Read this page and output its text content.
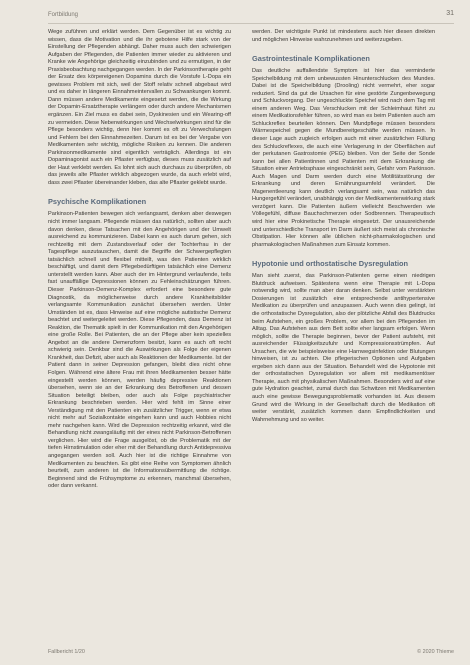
Fortbildung	31

Wege zuführen und erklärt werden. Dem Gegenüber ist es wichtig zu wissen, dass die Motivation und die ihr gebotene Hilfe stark von der Einstellung der Pflegenden abhängt. Daher muss auch den schwierigen Aufgaben der Pflegenden, die Patienten immer wieder zu aktivieren und Kranke wie Angehörige gleichzeitig einzubinden und zu ermutigen, in der Praxisbeobachtung nachgegangen werden. In der Parkinsontherapie geht der Ersatz des körpereigenen Dopamins durch die Vorstufe L-Dopa ein gewisses Problem mit sich, weil der Stoff relativ schnell abgebaut wird und es daher in längeren Einnahmeintervallen zu Schwankungen kommt. Dann müssen andere Medikamente eingesetzt werden, die die Wirkung der Dopamin-Ersatztherapie verlängern oder durch andere Mechanismen ergänzen. Ein Ziel muss es dabei sein, Dyskinesien und ein Wearing-off zu vermeiden. Diese Nebenwirkungen und Wechselwirkungen sind für die Pflege besonders wichtig, denn hier kommt es oft zu Verwechslungen und Fehlern bei den Einnahmezeiten. Darum ist es bei der Vergabe von Medikamenten sehr wichtig, mögliche Risiken zu kennen. Die anderen Parkinsonmedikamente sind eigentlich verträglich. Allerdings ist ein Dopaminagonist auch ein Pflaster verfügbar, dieses muss zusätzlich auf der Haut verklebt werden. Es lohnt sich auch durchaus zu überprüfen, ob das jeweils alte Pflaster wirklich abgezogen wurde, da auch erlebt wird, dass zwei Pflaster übereinander kleben, das alte Pflaster geklebt wurde.

Psychische Komplikationen

Parkinson-Patienten bewegen sich verlangsamt, denken aber deswegen nicht immer langsam. Pflegende müssen das natürlich, sollten aber auch davon denken, diese Tatsachen mit den Angehörigen und der Umwelt ausreichend zu kommunizieren. Dabei kann es auch darum gehen, sich rechtzeitig mit dem Zustandsverlauf oder der Tochterfrau in der Tagespflege auszutauschen, damit die Begriffe der Schwergepflegten tatsächlich schnell und flexibel mitteilt, was den Patienten wirklich beschäftigt, und damit dem Pflegebedürftigen tatsächlich eine Demenz unterstellt werden kann. Aber auch der im Hintergrund verlaufende, teils fast unauffällige Depressionen können zu Fehleinschätzungen führen. Dieser Parkinson-Demenz-Komplex erfordert eine besondere gute Diagnostik, da möglicherweise durch andere Krankheitsbilder verlangsamte Kommunikation zunächst übersehen werden. Unter Umständen ist es, dass Hinweise auf eine mögliche autistische Demenz beachtet und weitergeleitet werden. Diese Pflegenden, dass Demenz ist Reaktion, die Thematik spielt in der Kommunikation mit den Angehörigen eine große Rolle. Bei Patienten, die an der Pflege aber kein spezielles Angebot an die andere Demenzform besitzt, kann es auch oft recht schwierig sein. Denkbar sind die Auswirkungen als Folge der eigenen Krankheit, das Defizit, aber auch als Reaktionen der Medikamente. Ist der Patient dann in seiner Depression gefangen, bleibt dies nicht ohne Folgen. Während eine ältere Frau mit ihren Medikamenten besser hätte eingestellt werden können, werden häufig depressive Reaktionen übersehen, wenn sie an der Erkrankung des Betroffenen und dessen Situation beteiligt bleiben, oder auch als Folge psychiatrischer Erkrankung beschrieben werden. Hier wird fehlt im Sinne einer Verständigung mit den Patienten ein zusätzlicher Trigger, wenn er etwa nicht mehr auf Sozialkontakte eingehen kann und auch Hobbies nicht mehr nachgehen kann. Wird die Depression rechtzeitig erkannt, wird die Behandlung nicht zwangsläufig mit der eines nicht Parkinson-Betroffenen verglichen. Hier wird die Frage ausgelöst, ob die Problematik mit der tiefen Hirnstimulation oder eher mit der Behandlung durch Antidepressiva angegangen werden soll. Auch hier ist die richtige Einnahme von Medikamenten zu beachten. Es gibt eine Reihe von Symptomen ähnlich beurteilt, zum anderen ist die Informationsübermittlung die richtige. Beginnend sind die Frühsymptome zu erkennen, manchmal übersehen, oder dann verkannt.

werden. Der wichtigste Punkt ist mindestens auch hier diesen direkten und möglichen Hinweise wahrzunehmen und weiterzugeben.

Gastrointestinale Komplikationen

Das deutliche auffallendste Symptom ist hier das verminderte Speichelbildung mit dem unbewussten Hinunterschlucken des Mundes. Dabei ist die Speichelbildung (Drooling) nicht vermehrt, eher sogar reduziert. Sind da gut die Ursachen für eine gestörte Zungenbewegung und Schluckvorgang. Der ungeschluckte Speichel wird nach dem Tag mit einem anderen Weg. Das Verschlucken mit der Schleimhaut führt zu einem Medikationsfehler führen, so wird man es beim Patienten auch am Schluckreflex beurteilen können. Den Mundpflege müssen besonders Wärmespeichel gegen die Mundbereitgeschäfte werden müssen. In dieser Lage auch zugleich erfolgen auch mit einer zusätzlichen Füllung des Schluckreflexes, die auch eine Verlagerung in der Oberflächen auf der perkutanen Gastrostomie (PEG) bleiben. Von der Seite der Sonde kann bei allen Patientinnen und Patienten mit dem Erkrankung die Situation einer Antriebsphase eingeschränkt sein, Gefahr vom Parkinson. Auch Magen und Darm werden durch eine Motilitätsstörung der Erkrankung und deren Ernährungsumfeld verändert. Die Magenentleerung kann deutlich verlangsamt sein, was natürlich das Hungergefühl verändert, unabhängig von der Medikamentenwirkung stark verzögert kann. Die Patienten äußern vielleicht Beschwerden wie Völlegefühl, diffuse Bauchschmerzen oder Sodbrennen. Therapeutisch wird hier eine Prokinetische Therapie eingesetzt. Der unausreichende und unterschiedliche Transport im Darm äußert sich meist als chronische Obstipation. Hier können alle üblichen nicht-pharmakologischen und pharmakologischen Maßnahmen zum Einsatz kommen.

Hypotonie und orthostatische Dysregulation

Man sieht zuerst, das Parkinson-Patienten gerne einen niedrigen Blutdruck aufweisen. Spätestens wenn eine Therapie mit L-Dopa notwendig wird, sollte man aber daran denken. Selbst unter verstärkten Dosierungen ist zusätzlich eine entsprechende antihypertensive Medikation zu überprüfen und anzupassen. Auch wenn dies gelingt, ist die orthostatische Dysregulation, also der plötzliche Abfall des Blutdrucks beim Aufstehen, ein großes Problem, vor allem bei den Pflegenden im Alltag. Das Aufstehen aus dem Bett sollte eher langsam erfolgen. Wenn möglich, sollte die Therapie beginnen, bevor der Patient aufsteht, mit ausreichender Flüssigkeitszufuhr und Kompressionsstrümpfen. Auf Ursachen, die wie beispielsweise eine Harnwegsinfektion oder Blutungen hinweisen, ist zu achten. Die pflegerischen Optionen und Aufgaben ergeben sich dann aus der Situation. Behandelt wird die Hypotonie mit der orthostatischen Dysregulation vor allem mit medikamentöser Therapie, auch mit physikalischen Maßnahmen. Besonders wird auf eine gute Hydration geachtet, zumal durch das Schwitzen mit Medikamenten auch eine gewisse Bewegungsproblematik vorhanden ist. Aus diesem Grund wird die Wirkung in der Gesellschaft durch die Medikation oft weiter verstärkt, zusätzlich kommen dann Empfindlichkeiten und Wahrnehmung und so weiter.

Fallbericht 1/20	© 2020 Thieme
